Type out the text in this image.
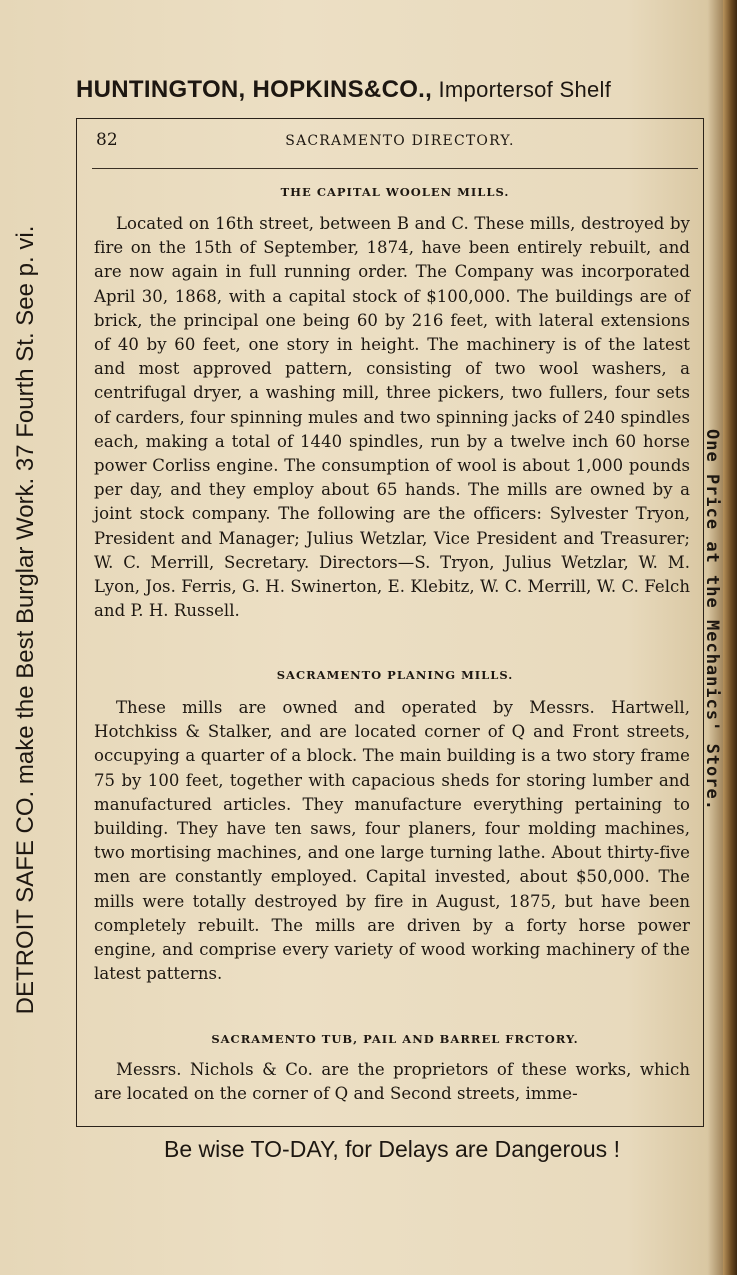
HUNTINGTON, HOPKINS&CO., Importersof Shelf
DETROIT SAFE CO. make the Best Burglar Work. 37 Fourth St. See p. vi.	One Price at the Mechanics' Store.
82	SACRAMENTO DIRECTORY.
THE CAPITAL WOOLEN MILLS.
Located on 16th street, between B and C. These mills, destroyed by fire on the 15th of September, 1874, have been entirely rebuilt, and are now again in full running order. The Company was incorporated April 30, 1868, with a capital stock of $100,000. The buildings are of brick, the principal one being 60 by 216 feet, with lateral extensions of 40 by 60 feet, one story in height. The machinery is of the latest and most approved pattern, consisting of two wool washers, a centrifugal dryer, a washing mill, three pickers, two fullers, four sets of carders, four spinning mules and two spinning jacks of 240 spindles each, making a total of 1440 spindles, run by a twelve inch 60 horse power Corliss engine. The consumption of wool is about 1,000 pounds per day, and they employ about 65 hands. The mills are owned by a joint stock company. The following are the officers: Sylvester Tryon, President and Manager; Julius Wetzlar, Vice President and Treasurer; W. C. Merrill, Secretary. Directors—S. Tryon, Julius Wetzlar, W. M. Lyon, Jos. Ferris, G. H. Swinerton, E. Klebitz, W. C. Merrill, W. C. Felch and P. H. Russell.
SACRAMENTO PLANING MILLS.
These mills are owned and operated by Messrs. Hartwell, Hotchkiss & Stalker, and are located corner of Q and Front streets, occupying a quarter of a block. The main building is a two story frame 75 by 100 feet, together with capacious sheds for storing lumber and manufactured articles. They manufacture everything pertaining to building. They have ten saws, four planers, four molding machines, two mortising machines, and one large turning lathe. About thirty-five men are constantly employed. Capital invested, about $50,000. The mills were totally destroyed by fire in August, 1875, but have been completely rebuilt. The mills are driven by a forty horse power engine, and comprise every variety of wood working machinery of the latest patterns.
SACRAMENTO TUB, PAIL AND BARREL FRCTORY.
Messrs. Nichols & Co. are the proprietors of these works, which are located on the corner of Q and Second streets, imme-
Be wise TO-DAY, for Delays are Dangerous !
